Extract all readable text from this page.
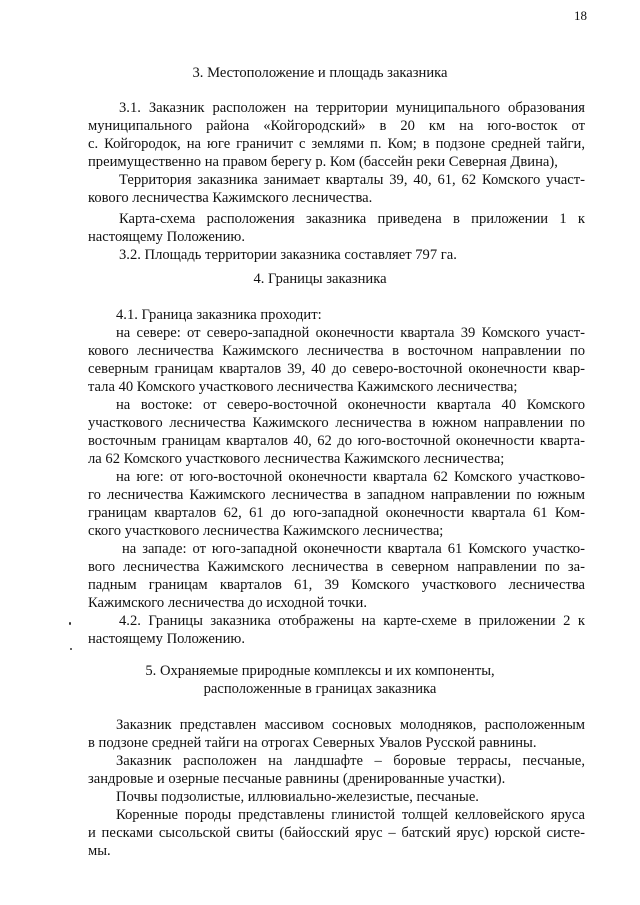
18
3. Местоположение и площадь заказника
3.1. Заказник расположен на территории муниципального образования
муниципального района «Койгородский» в 20 км на юго-восток от
с. Койгородок, на юге граничит с землями п. Ком; в подзоне средней тайги,
преимущественно на правом берегу р. Ком (бассейн реки Северная Двина),
Территория заказника занимает кварталы 39, 40, 61, 62 Комского участ-
кового лесничества Кажимского лесничества.
Карта-схема расположения заказника приведена в приложении 1 к
настоящему Положению.
3.2. Площадь территории заказника составляет 797 га.
4. Границы заказника
4.1. Граница заказника проходит:
на севере: от северо-западной оконечности квартала 39 Комского участ-
кового лесничества Кажимского лесничества в восточном направлении по
северным границам кварталов 39, 40 до северо-восточной оконечности квар-
тала 40 Комского участкового лесничества Кажимского лесничества;
на востоке: от северо-восточной оконечности квартала 40 Комского
участкового лесничества Кажимского лесничества в южном направлении по
восточным границам кварталов 40, 62 до юго-восточной оконечности кварта-
ла 62 Комского участкового лесничества Кажимского лесничества;
на юге: от юго-восточной оконечности квартала 62 Комского участково-
го лесничества Кажимского лесничества в западном направлении по южным
границам кварталов 62, 61 до юго-западной оконечности квартала 61 Ком-
ского участкового лесничества Кажимского лесничества;
на западе: от юго-западной оконечности квартала 61 Комского участко-
вого лесничества Кажимского лесничества в северном направлении по за-
падным границам кварталов 61, 39 Комского участкового лесничества
Кажимского лесничества до исходной точки.
4.2. Границы заказника отображены на карте-схеме в приложении 2 к
настоящему Положению.
5. Охраняемые природные комплексы и их компоненты,
расположенные в границах заказника
Заказник представлен массивом сосновых молодняков, расположенным
в подзоне средней тайги на отрогах Северных Увалов Русской равнины.
Заказник расположен на ландшафте – боровые террасы, песчаные,
зандровые и озерные песчаные равнины (дренированные участки).
Почвы подзолистые, иллювиально-железистые, песчаные.
Коренные породы представлены глинистой толщей келловейского яруса
и песками сысольской свиты (байосский ярус – батский ярус) юрской систе-
мы.
